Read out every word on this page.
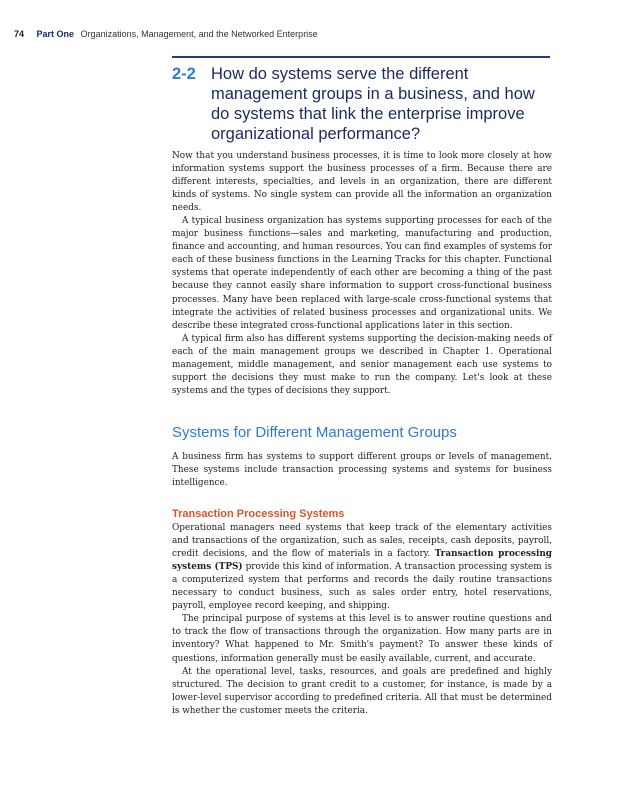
74 Part One Organizations, Management, and the Networked Enterprise
2-2 How do systems serve the different management groups in a business, and how do systems that link the enterprise improve organizational performance?

Now that you understand business processes, it is time to look more closely at how information systems support the business processes of a firm. Because there are different interests, specialties, and levels in an organization, there are different kinds of systems. No single system can provide all the information an organization needs.

A typical business organization has systems supporting processes for each of the major business functions—sales and marketing, manufacturing and production, finance and accounting, and human resources. You can find examples of systems for each of these business functions in the Learning Tracks for this chapter. Functional systems that operate independently of each other are becoming a thing of the past because they cannot easily share information to support cross-functional business processes. Many have been replaced with large-scale cross-functional systems that integrate the activities of related business processes and organizational units. We describe these integrated cross-functional applications later in this section.

A typical firm also has different systems supporting the decision-making needs of each of the main management groups we described in Chapter 1. Operational management, middle management, and senior management each use systems to support the decisions they must make to run the company. Let's look at these systems and the types of decisions they support.

Systems for Different Management Groups

A business firm has systems to support different groups or levels of management. These systems include transaction processing systems and systems for business intelligence.

Transaction Processing Systems

Operational managers need systems that keep track of the elementary activities and transactions of the organization, such as sales, receipts, cash deposits, payroll, credit decisions, and the flow of materials in a factory. Transaction processing systems (TPS) provide this kind of information. A transaction processing system is a computerized system that performs and records the daily routine transactions necessary to conduct business, such as sales order entry, hotel reservations, payroll, employee record keeping, and shipping.

The principal purpose of systems at this level is to answer routine questions and to track the flow of transactions through the organization. How many parts are in inventory? What happened to Mr. Smith's payment? To answer these kinds of questions, information generally must be easily available, current, and accurate.

At the operational level, tasks, resources, and goals are predefined and highly structured. The decision to grant credit to a customer, for instance, is made by a lower-level supervisor according to predefined criteria. All that must be determined is whether the customer meets the criteria.
